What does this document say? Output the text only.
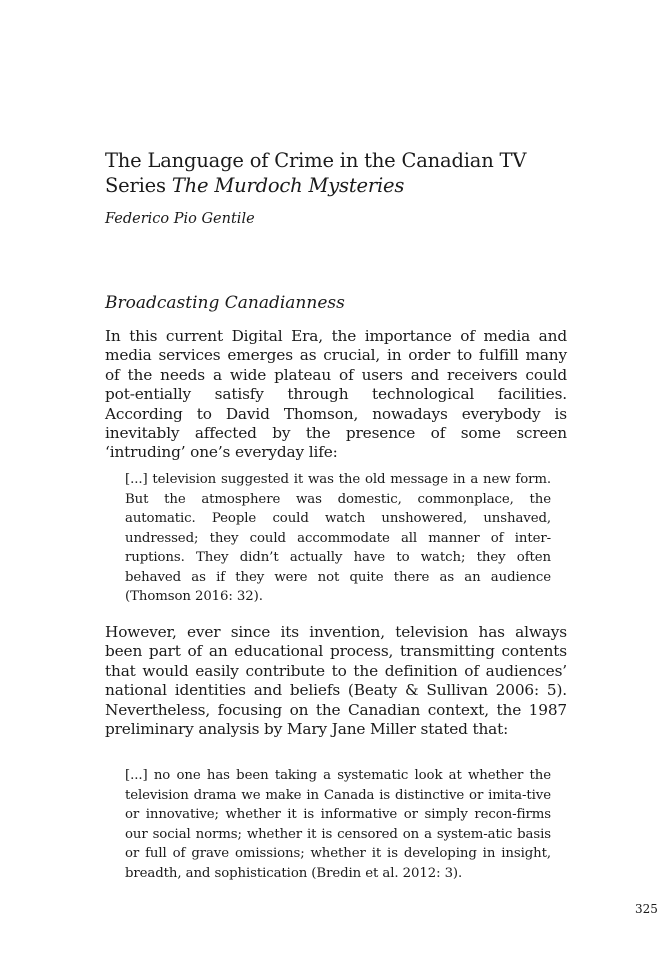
The Language of Crime in the Canadian TV
Series The Murdoch Mysteries
Federico Pio Gentile
Broadcasting Canadianness

In this current Digital Era, the importance of media and media services emerges as crucial, in order to fulfill many of the needs a wide plateau of users and receivers could pot-entially satisfy through technological facilities. According to David Thomson, nowadays everybody is inevitably affected by the presence of some screen ‘intruding’ one’s everyday life:

[...] television suggested it was the old message in a new form. But the atmosphere was domestic, commonplace, the automatic. People could watch unshowered, unshaved, undressed; they could accommodate all manner of inter-ruptions. They didn’t actually have to watch; they often behaved as if they were not quite there as an audience (Thomson 2016: 32).

However, ever since its invention, television has always been part of an educational process, transmitting contents that would easily contribute to the definition of audiences’ national identities and beliefs (Beaty & Sullivan 2006: 5). Nevertheless, focusing on the Canadian context, the 1987 preliminary analysis by Mary Jane Miller stated that:

[...] no one has been taking a systematic look at whether the television drama we make in Canada is distinctive or imita-tive or innovative; whether it is informative or simply recon-firms our social norms; whether it is censored on a system-atic basis or full of grave omissions; whether it is developing in insight, breadth, and sophistication (Bredin et al. 2012: 3).

325
